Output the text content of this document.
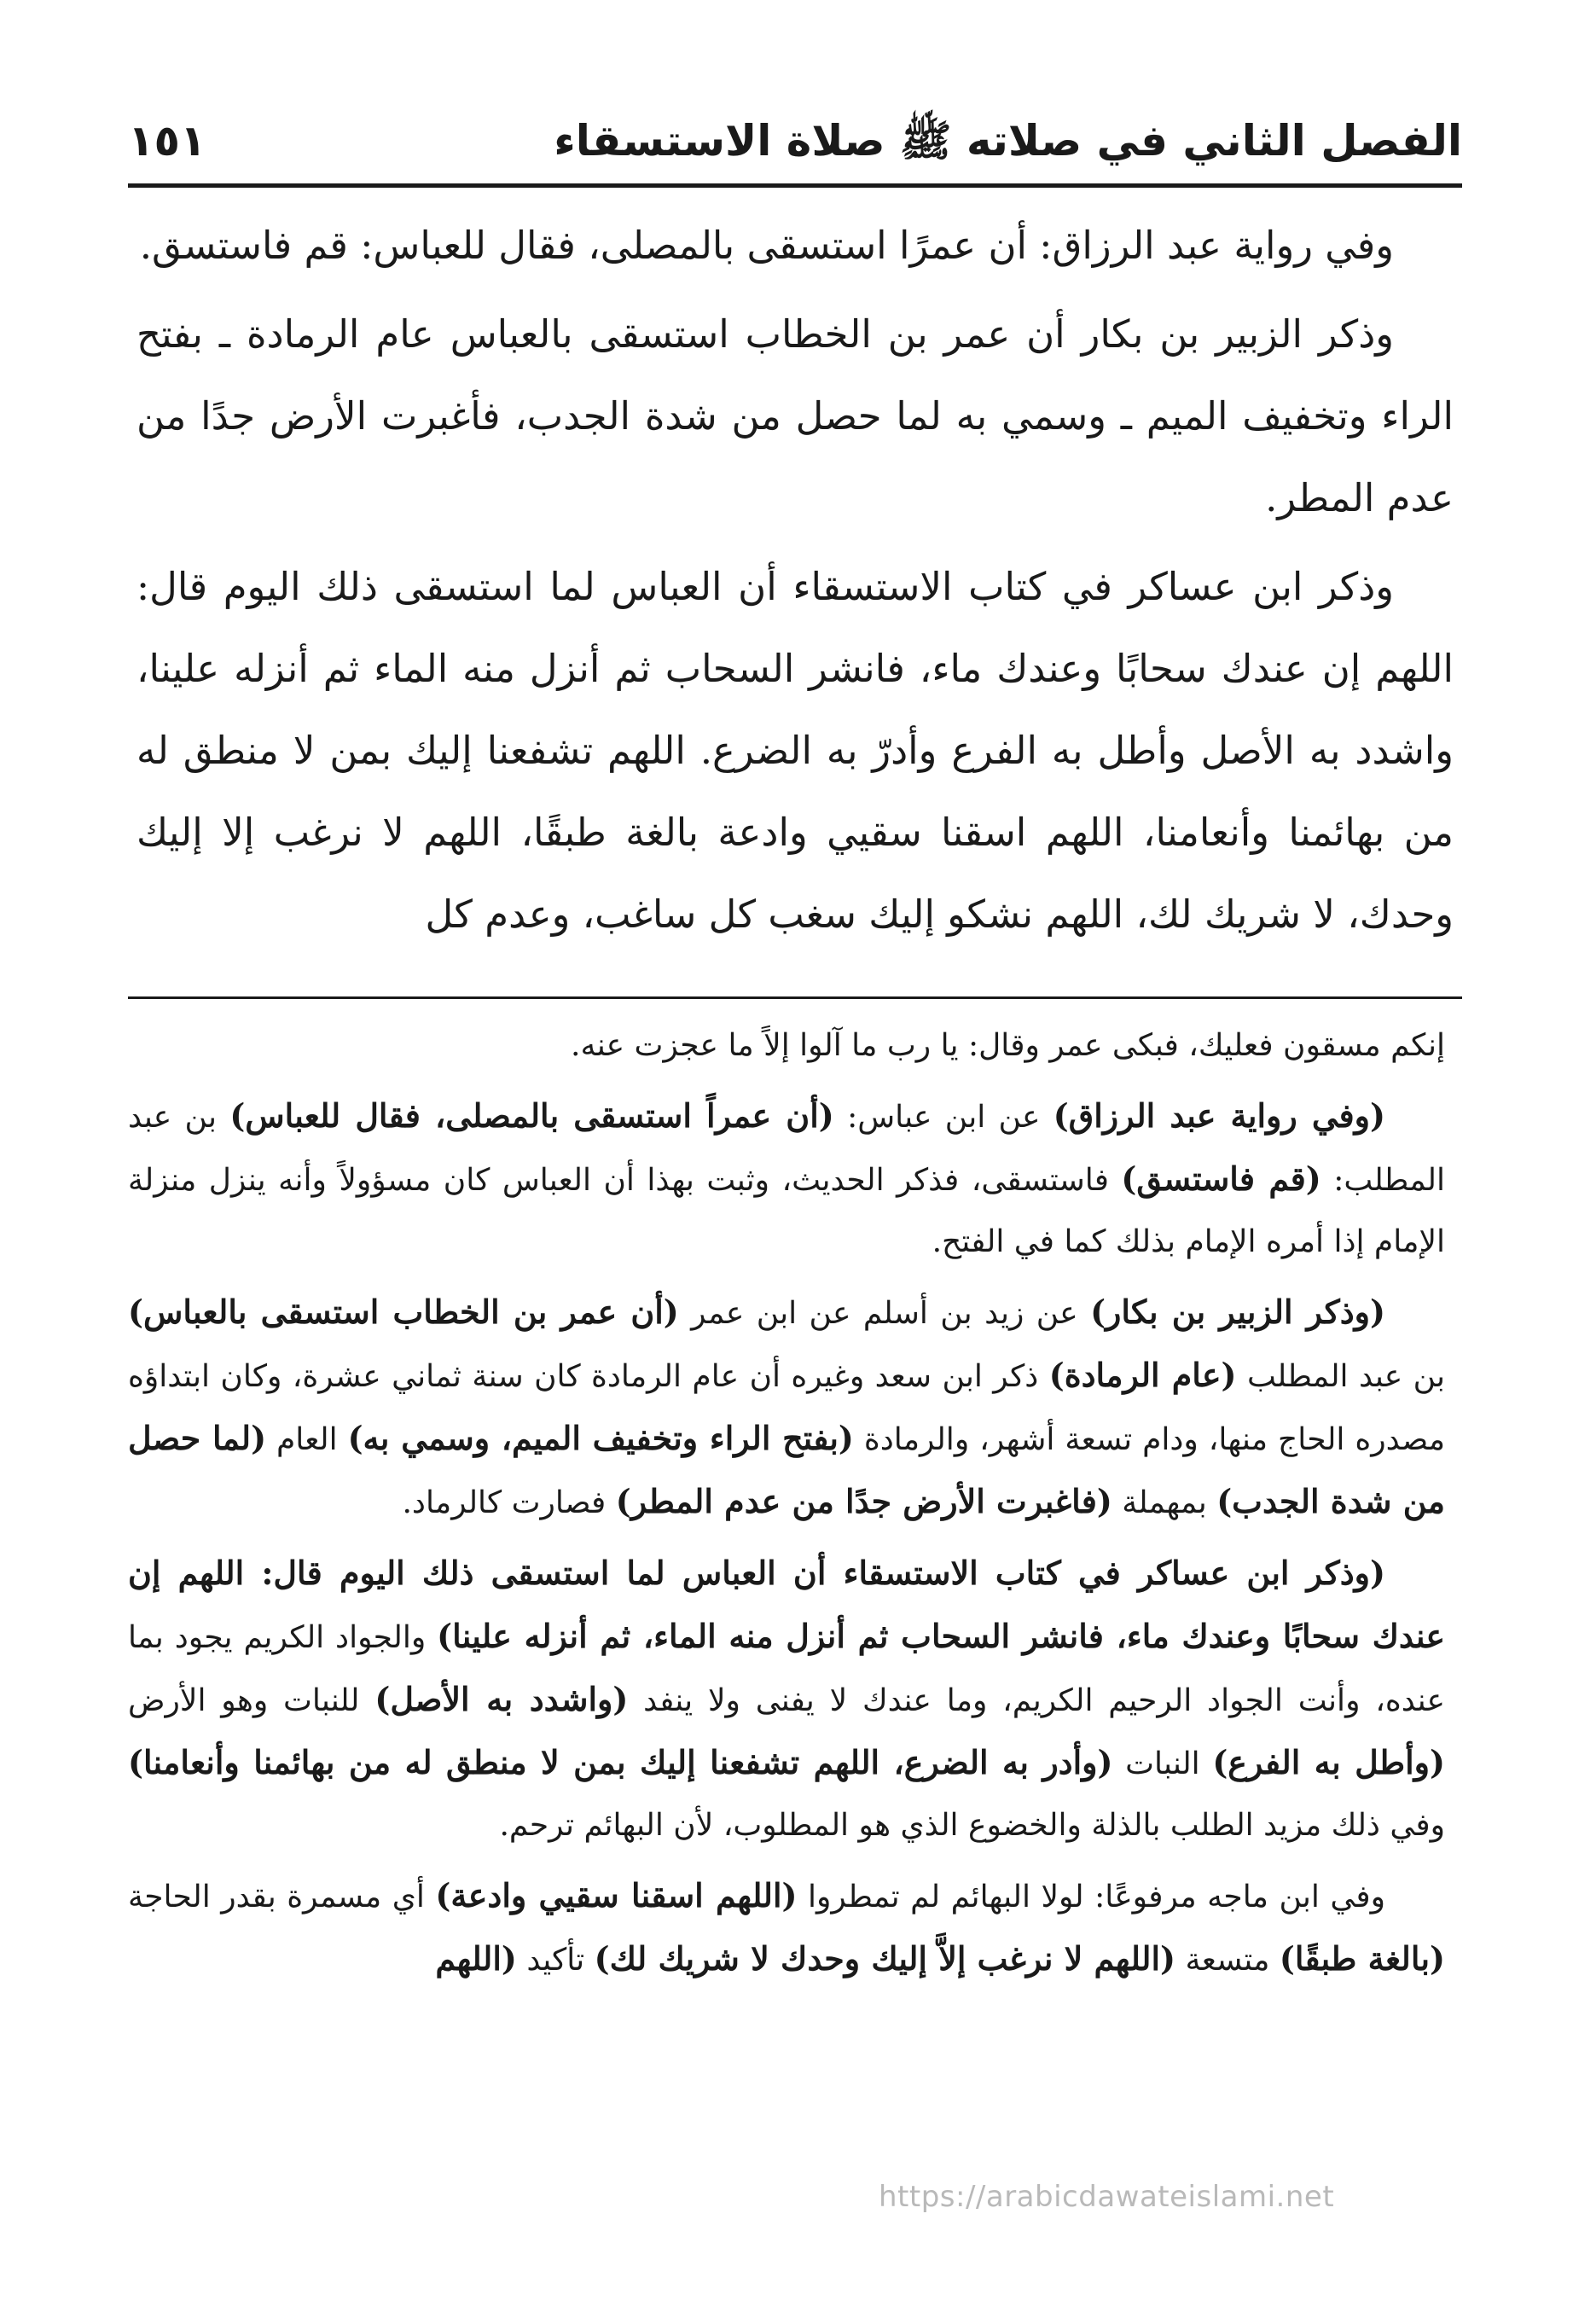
الفصل الثاني في صلاته ﷺ صلاة الاستسقاء
١٥١

وفي رواية عبد الرزاق: أن عمرًا استسقى بالمصلى، فقال للعباس: قم فاستسق.

وذكر الزبير بن بكار أن عمر بن الخطاب استسقى بالعباس عام الرمادة ـ بفتح الراء وتخفيف الميم ـ وسمي به لما حصل من شدة الجدب، فأغبرت الأرض جدًا من عدم المطر.

وذكر ابن عساكر في كتاب الاستسقاء أن العباس لما استسقى ذلك اليوم قال: اللهم إن عندك سحابًا وعندك ماء، فانشر السحاب ثم أنزل منه الماء ثم أنزله علينا، واشدد به الأصل وأطل به الفرع وأدرّ به الضرع. اللهم تشفعنا إليك بمن لا منطق له من بهائمنا وأنعامنا، اللهم اسقنا سقيي وادعة بالغة طبقًا، اللهم لا نرغب إلا إليك وحدك، لا شريك لك، اللهم نشكو إليك سغب كل ساغب، وعدم كل

إنكم مسقون فعليك، فبكى عمر وقال: يا رب ما آلوا إلاً ما عجزت عنه.

(وفي رواية عبد الرزاق) عن ابن عباس: (أن عمراً استسقى بالمصلى، فقال للعباس) بن عبد المطلب: (قم فاستسق) فاستسقى، فذكر الحديث، وثبت بهذا أن العباس كان مسؤولاً وأنه ينزل منزلة الإمام إذا أمره الإمام بذلك كما في الفتح.

(وذكر الزبير بن بكار) عن زيد بن أسلم عن ابن عمر (أن عمر بن الخطاب استسقى بالعباس) بن عبد المطلب (عام الرمادة) ذكر ابن سعد وغيره أن عام الرمادة كان سنة ثماني عشرة، وكان ابتداؤه مصدره الحاج منها، ودام تسعة أشهر، والرمادة (بفتح الراء وتخفيف الميم، وسمي به) العام (لما حصل من شدة الجدب) بمهملة (فاغبرت الأرض جدًا من عدم المطر) فصارت كالرماد.

(وذكر ابن عساكر في كتاب الاستسقاء أن العباس لما استسقى ذلك اليوم قال: اللهم إن عندك سحابًا وعندك ماء، فانشر السحاب ثم أنزل منه الماء، ثم أنزله علينا) والجواد الكريم يجود بما عنده، وأنت الجواد الرحيم الكريم، وما عندك لا يفنى ولا ينفد (واشدد به الأصل) للنبات وهو الأرض (وأطل به الفرع) النبات (وأدر به الضرع، اللهم تشفعنا إليك بمن لا منطق له من بهائمنا وأنعامنا) وفي ذلك مزيد الطلب بالذلة والخضوع الذي هو المطلوب، لأن البهائم ترحم.

وفي ابن ماجه مرفوعًا: لولا البهائم لم تمطروا (اللهم اسقنا سقيي وادعة) أي مسمرة بقدر الحاجة (بالغة طبقًا) متسعة (اللهم لا نرغب إلاَّ إليك وحدك لا شريك لك) تأكيد (اللهم

https://arabicdawateislami.net
